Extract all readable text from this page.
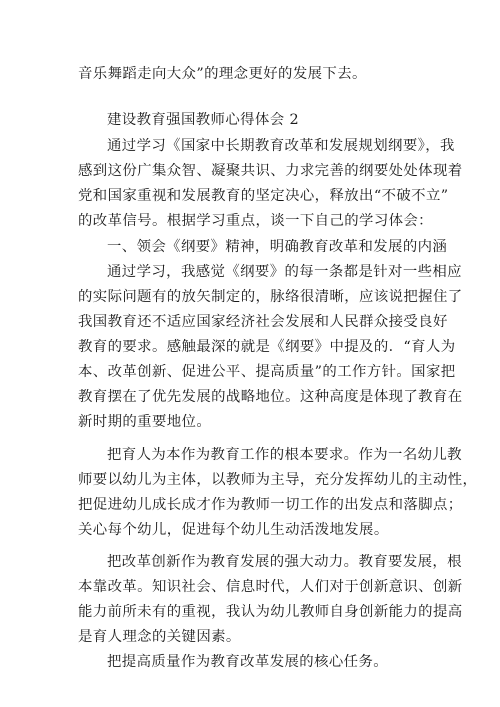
音乐舞蹈走向大众”的理念更好的发展下去。
建设教育强国教师心得体会 2
通过学习《国家中长期教育改革和发展规划纲要》，我
感到这份广集众智、凝聚共识、力求完善的纲要处处体现着
党和国家重视和发展教育的坚定决心，释放出“不破不立”
的改革信号。根据学习重点，谈一下自己的学习体会：
一、领会《纲要》精神，明确教育改革和发展的内涵
通过学习，我感觉《纲要》的每一条都是针对一些相应
的实际问题有的放矢制定的，脉络很清晰，应该说把握住了
我国教育还不适应国家经济社会发展和人民群众接受良好
教育的要求。感触最深的就是《纲要》中提及的．“育人为
本、改革创新、促进公平、提高质量”的工作方针。国家把
教育摆在了优先发展的战略地位。这种高度是体现了教育在
新时期的重要地位。
把育人为本作为教育工作的根本要求。作为一名幼儿教
师要以幼儿为主体，以教师为主导，充分发挥幼儿的主动性，
把促进幼儿成长成才作为教师一切工作的出发点和落脚点；
关心每个幼儿，促进每个幼儿生动活泼地发展。
把改革创新作为教育发展的强大动力。教育要发展，根
本靠改革。知识社会、信息时代，人们对于创新意识、创新
能力前所未有的重视，我认为幼儿教师自身创新能力的提高
是育人理念的关键因素。
把提高质量作为教育改革发展的核心任务。
